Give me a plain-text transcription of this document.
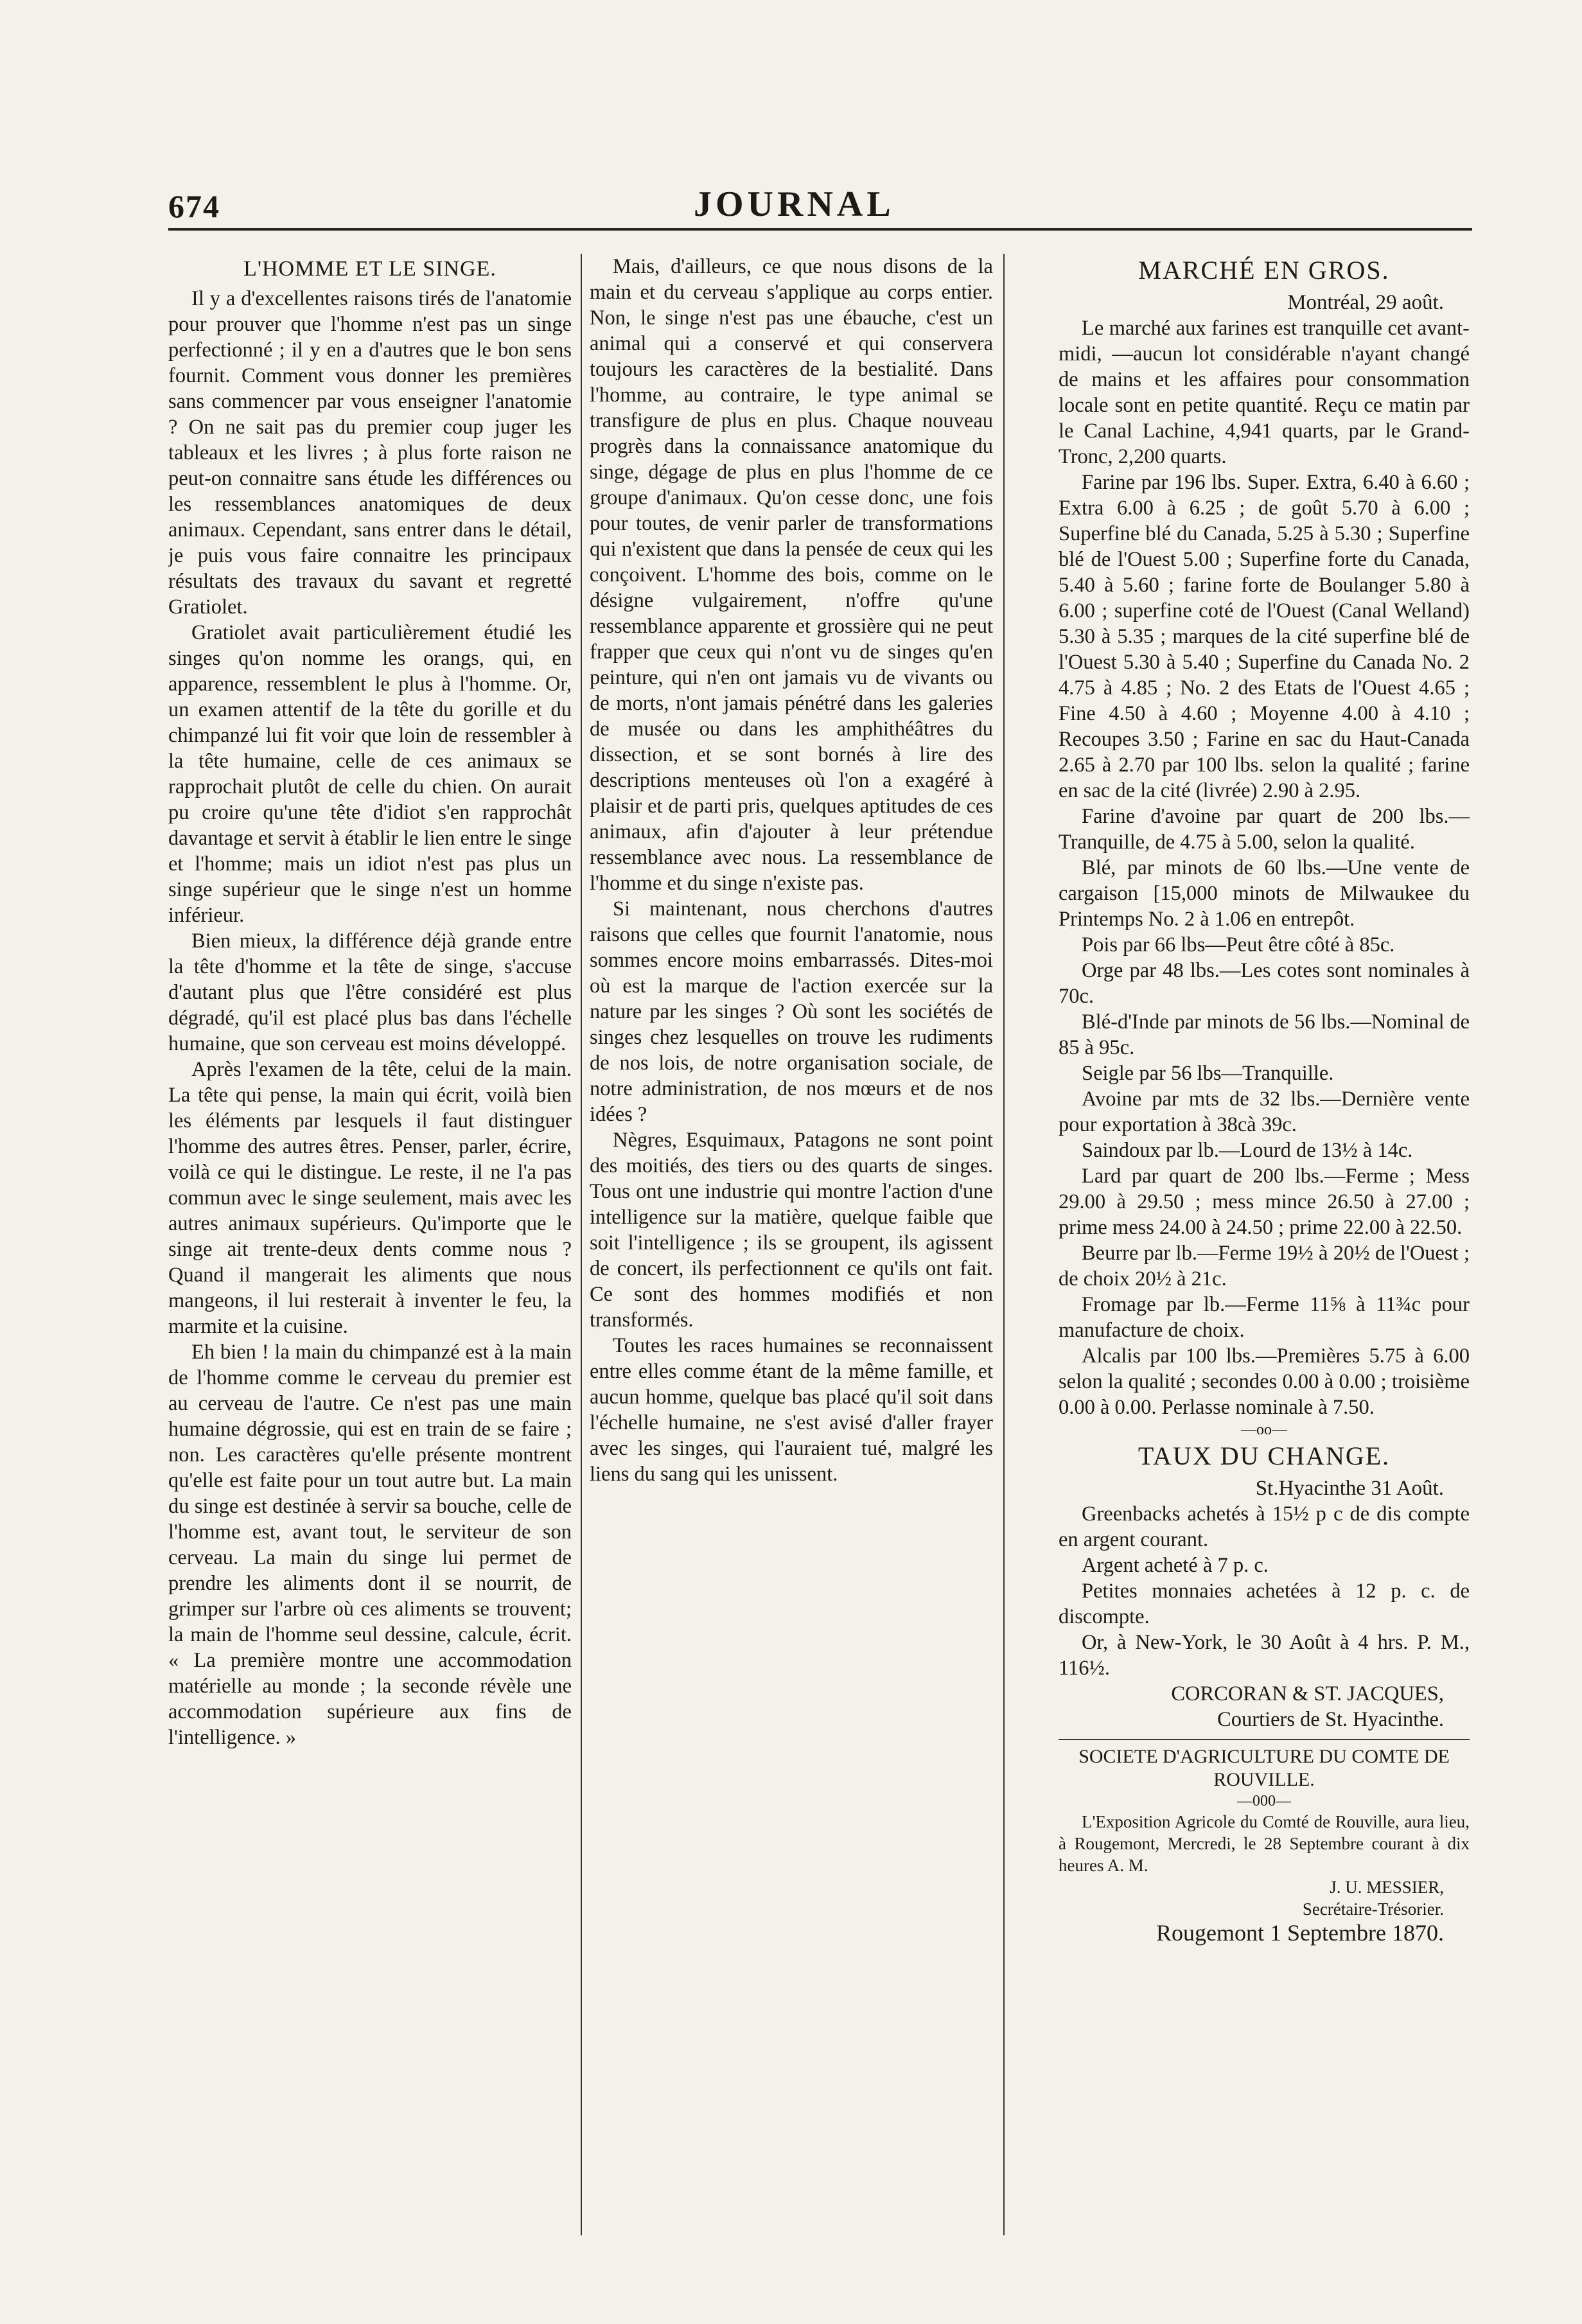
674	JOURNAL
L'HOMME ET LE SINGE.

Il y a d'excellentes raisons tirés de l'anatomie pour prouver que l'homme n'est pas un singe perfectionné ; il y en a d'autres que le bon sens fournit. Comment vous donner les premières sans commencer par vous enseigner l'anatomie ? On ne sait pas du premier coup juger les tableaux et les livres ; à plus forte raison ne peut-on connaitre sans étude les différences ou les ressemblances anatomiques de deux animaux. Cependant, sans entrer dans le détail, je puis vous faire connaitre les principaux résultats des travaux du savant et regretté Gratiolet.

Gratiolet avait particulièrement étudié les singes qu'on nomme les orangs, qui, en apparence, ressemblent le plus à l'homme. Or, un examen attentif de la tête du gorille et du chimpanzé lui fit voir que loin de ressembler à la tête humaine, celle de ces animaux se rapprochait plutôt de celle du chien. On aurait pu croire qu'une tête d'idiot s'en rapprochât davantage et servit à établir le lien entre le singe et l'homme; mais un idiot n'est pas plus un singe supérieur que le singe n'est un homme inférieur.

Bien mieux, la différence déjà grande entre la tête d'homme et la tête de singe, s'accuse d'autant plus que l'être considéré est plus dégradé, qu'il est placé plus bas dans l'échelle humaine, que son cerveau est moins développé.

Après l'examen de la tête, celui de la main. La tête qui pense, la main qui écrit, voilà bien les éléments par lesquels il faut distinguer l'homme des autres êtres. Penser, parler, écrire, voilà ce qui le distingue. Le reste, il ne l'a pas commun avec le singe seulement, mais avec les autres animaux supérieurs. Qu'importe que le singe ait trente-deux dents comme nous ? Quand il mangerait les aliments que nous mangeons, il lui resterait à inventer le feu, la marmite et la cuisine.

Eh bien ! la main du chimpanzé est à la main de l'homme comme le cerveau du premier est au cerveau de l'autre. Ce n'est pas une main humaine dégrossie, qui est en train de se faire ; non. Les caractères qu'elle présente montrent qu'elle est faite pour un tout autre but. La main du singe est destinée à servir sa bouche, celle de l'homme est, avant tout, le serviteur de son cerveau. La main du singe lui permet de prendre les aliments dont il se nourrit, de grimper sur l'arbre où ces aliments se trouvent; la main de l'homme seul dessine, calcule, écrit. « La première montre une accommodation matérielle au monde ; la seconde révèle une accommodation supérieure aux fins de l'intelligence. »

Mais, d'ailleurs, ce que nous disons de la main et du cerveau s'applique au corps entier. Non, le singe n'est pas une ébauche, c'est un animal qui a conservé et qui conservera toujours les caractères de la bestialité. Dans l'homme, au contraire, le type animal se transfigure de plus en plus. Chaque nouveau progrès dans la connaissance anatomique du singe, dégage de plus en plus l'homme de ce groupe d'animaux. Qu'on cesse donc, une fois pour toutes, de venir parler de transformations qui n'existent que dans la pensée de ceux qui les conçoivent. L'homme des bois, comme on le désigne vulgairement, n'offre qu'une ressemblance apparente et grossière qui ne peut frapper que ceux qui n'ont vu de singes qu'en peinture, qui n'en ont jamais vu de vivants ou de morts, n'ont jamais pénétré dans les galeries de musée ou dans les amphithéâtres du dissection, et se sont bornés à lire des descriptions menteuses où l'on a exagéré à plaisir et de parti pris, quelques aptitudes de ces animaux, afin d'ajouter à leur prétendue ressemblance avec nous. La ressemblance de l'homme et du singe n'existe pas.

Si maintenant, nous cherchons d'autres raisons que celles que fournit l'anatomie, nous sommes encore moins embarrassés. Dites-moi où est la marque de l'action exercée sur la nature par les singes ? Où sont les sociétés de singes chez lesquelles on trouve les rudiments de nos lois, de notre organisation sociale, de notre administration, de nos mœurs et de nos idées ?

Nègres, Esquimaux, Patagons ne sont point des moitiés, des tiers ou des quarts de singes. Tous ont une industrie qui montre l'action d'une intelligence sur la matière, quelque faible que soit l'intelligence ; ils se groupent, ils agissent de concert, ils perfectionnent ce qu'ils ont fait. Ce sont des hommes modifiés et non transformés.

Toutes les races humaines se reconnaissent entre elles comme étant de la même famille, et aucun homme, quelque bas placé qu'il soit dans l'échelle humaine, ne s'est avisé d'aller frayer avec les singes, qui l'auraient tué, malgré les liens du sang qui les unissent.

MARCHÉ EN GROS.
Montréal, 29 août.

Le marché aux farines est tranquille cet avant-midi, —aucun lot considérable n'ayant changé de mains et les affaires pour consommation locale sont en petite quantité. Reçu ce matin par le Canal Lachine, 4,941 quarts, par le Grand-Tronc, 2,200 quarts.

Farine par 196 lbs. Super. Extra, 6.40 à 6.60 ; Extra 6.00 à 6.25 ; de goût 5.70 à 6.00 ; Superfine blé du Canada, 5.25 à 5.30 ; Superfine blé de l'Ouest 5.00 ; Superfine forte du Canada, 5.40 à 5.60 ; farine forte de Boulanger 5.80 à 6.00 ; superfine coté de l'Ouest (Canal Welland) 5.30 à 5.35 ; marques de la cité superfine blé de l'Ouest 5.30 à 5.40 ; Superfine du Canada No. 2 4.75 à 4.85 ; No. 2 des Etats de l'Ouest 4.65 ; Fine 4.50 à 4.60 ; Moyenne 4.00 à 4.10 ; Recoupes 3.50 ; Farine en sac du Haut-Canada 2.65 à 2.70 par 100 lbs. selon la qualité ; farine en sac de la cité (livrée) 2.90 à 2.95.

Farine d'avoine par quart de 200 lbs.—Tranquille, de 4.75 à 5.00, selon la qualité.

Blé, par minots de 60 lbs.—Une vente de cargaison [15,000 minots de Milwaukee du Printemps No. 2 à 1.06 en entrepôt.

Pois par 66 lbs—Peut être côté à 85c.

Orge par 48 lbs.—Les cotes sont nominales à 70c.

Blé-d'Inde par minots de 56 lbs.—Nominal de 85 à 95c.

Seigle par 56 lbs—Tranquille.

Avoine par mts de 32 lbs.—Dernière vente pour exportation à 38cà 39c.

Saindoux par lb.—Lourd de 13½ à 14c.

Lard par quart de 200 lbs.—Ferme ; Mess 29.00 à 29.50 ; mess mince 26.50 à 27.00 ; prime mess 24.00 à 24.50 ; prime 22.00 à 22.50.

Beurre par lb.—Ferme 19½ à 20½ de l'Ouest ; de choix 20½ à 21c.

Fromage par lb.—Ferme 11⅝ à 11¾c pour manufacture de choix.

Alcalis par 100 lbs.—Premières 5.75 à 6.00 selon la qualité ; secondes 0.00 à 0.00 ; troisième 0.00 à 0.00. Perlasse nominale à 7.50.

—oo—
TAUX DU CHANGE.
St.Hyacinthe 31 Août.

Greenbacks achetés à 15½ p c de dis compte en argent courant.

Argent acheté à 7 p. c.

Petites monnaies achetées à 12 p. c. de discompte.

Or, à New-York, le 30 Août à 4 hrs. P. M., 116½.

CORCORAN & ST. JACQUES,

Courtiers de St. Hyacinthe.

SOCIETE D'AGRICULTURE DU COMTE DE ROUVILLE.
—000—

L'Exposition Agricole du Comté de Rouville, aura lieu, à Rougemont, Mercredi, le 28 Septembre courant à dix heures A. M.

J. U. MESSIER,

Secrétaire-Trésorier.

Rougemont 1 Septembre 1870.
